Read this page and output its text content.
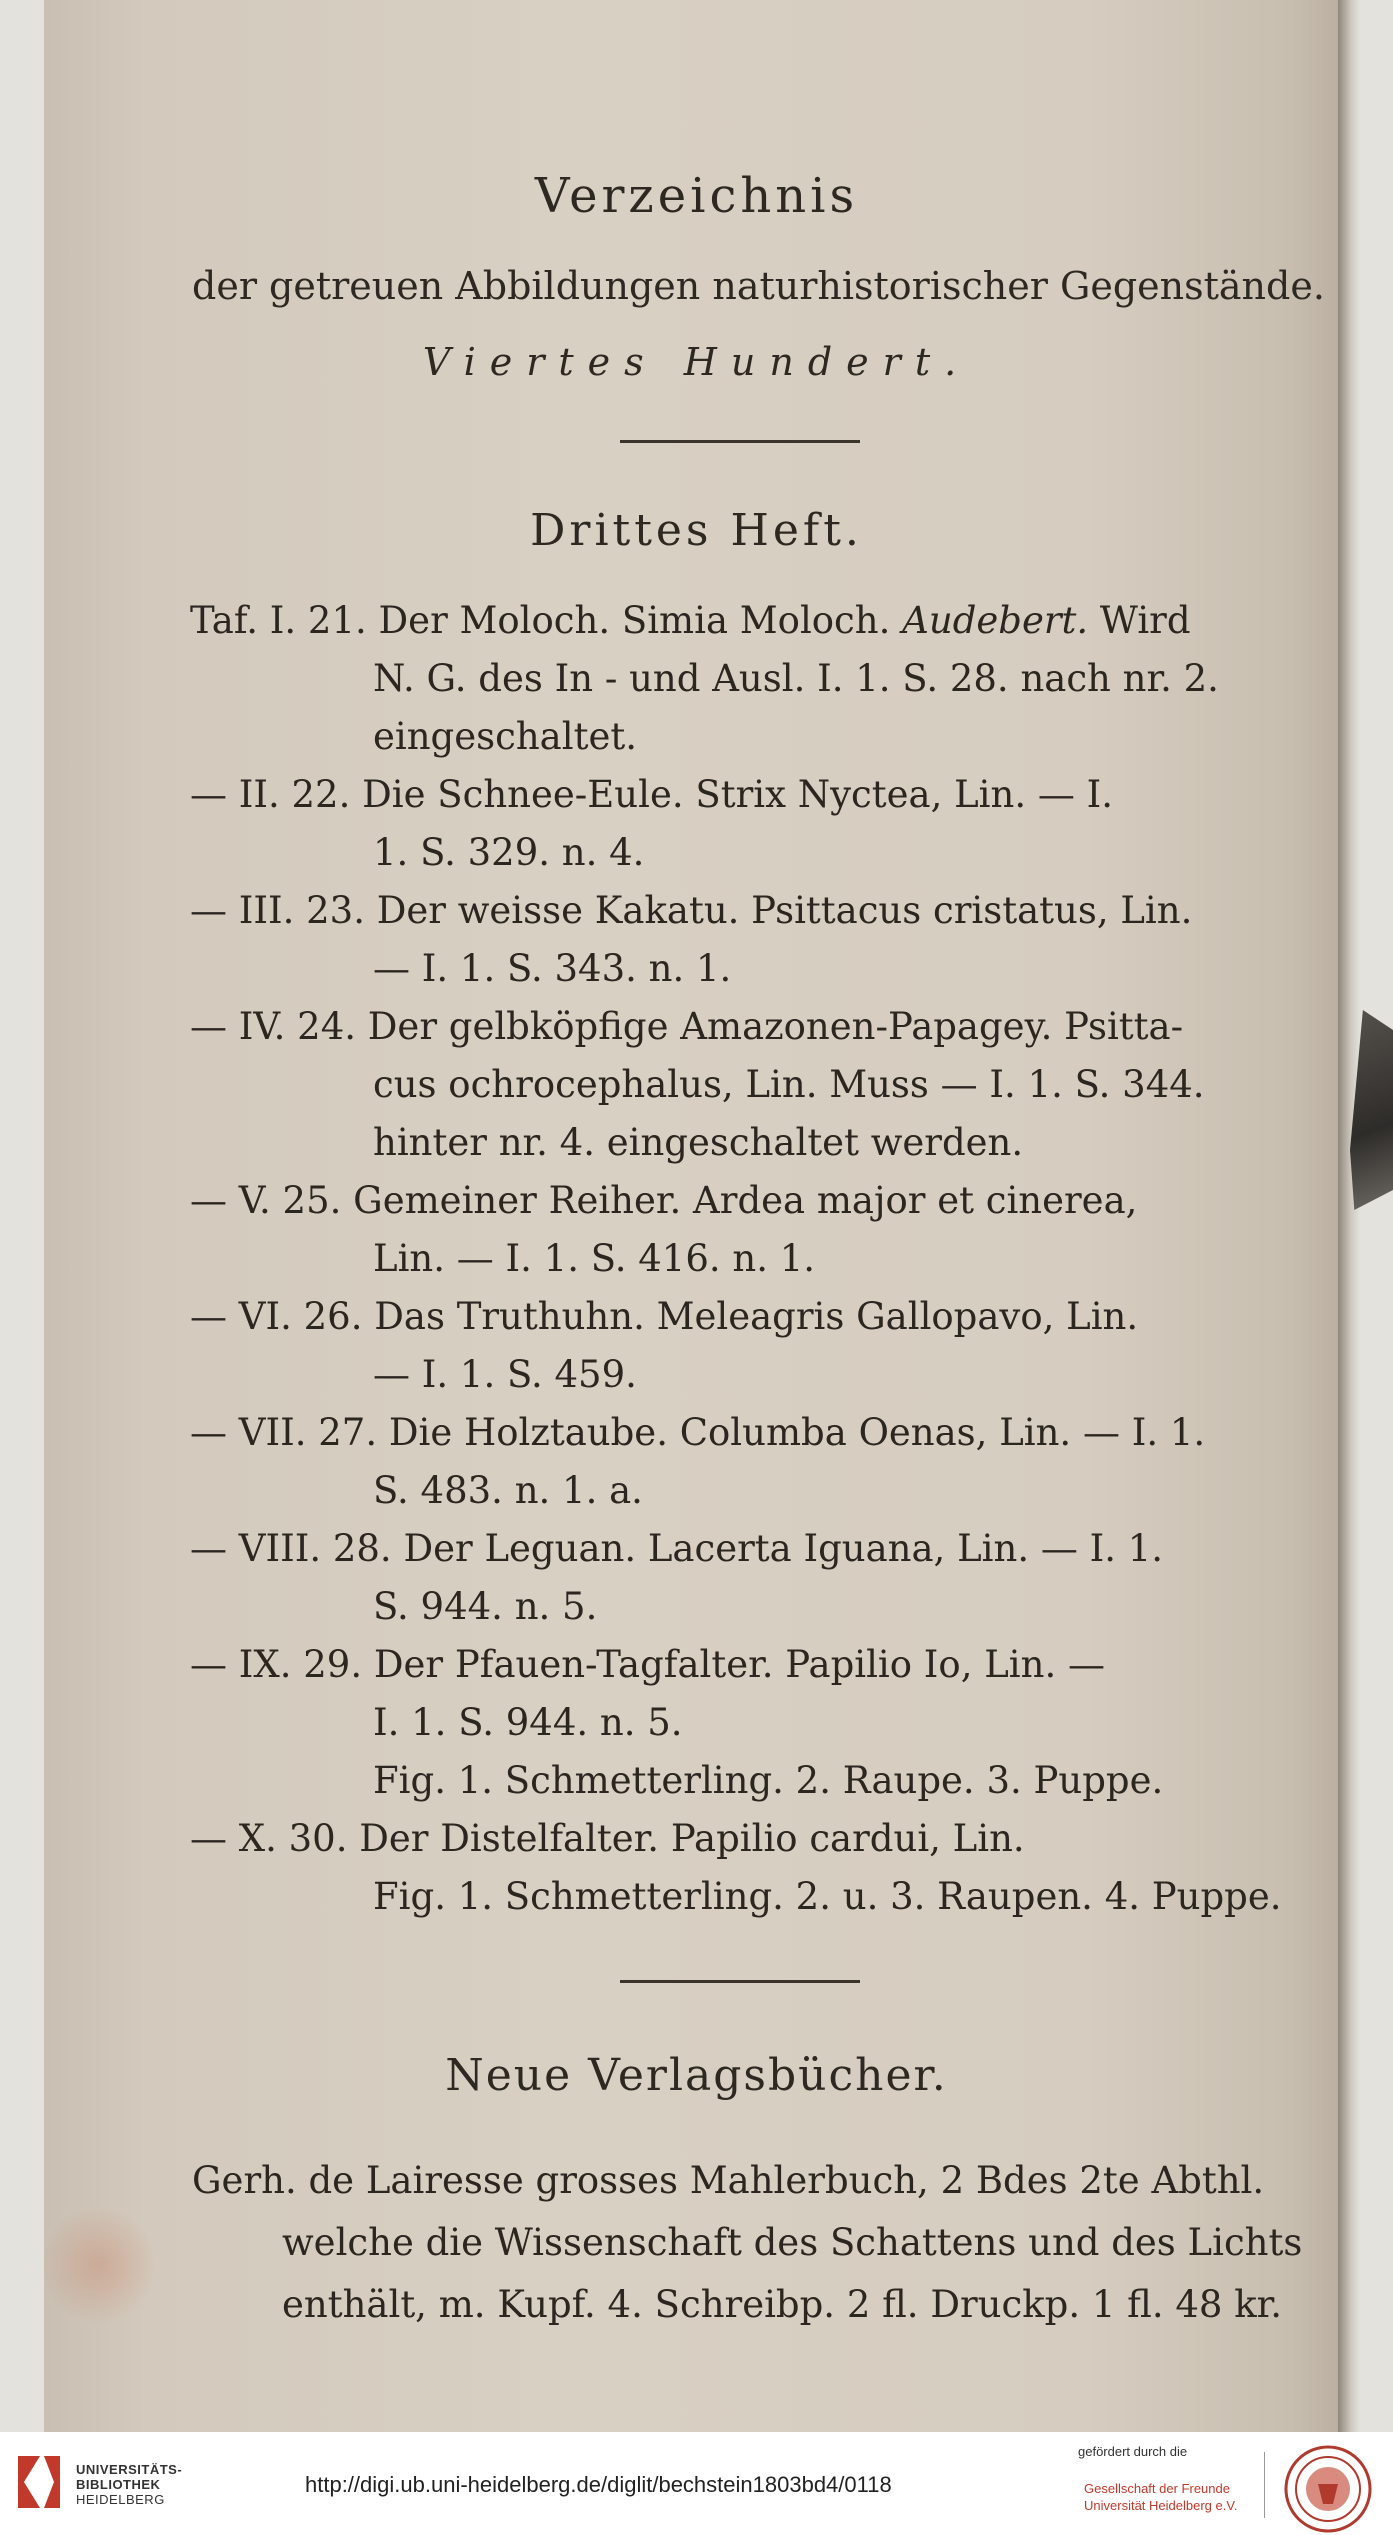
Verzeichnis
der getreuen Abbildungen naturhistorischer Gegenstände.
Viertes Hundert.
Drittes Heft.
Taf. I. 21. Der Moloch. Simia Moloch. Audebert. Wird
N. G. des In - und Ausl. I. 1. S. 28. nach nr. 2.
eingeschaltet.
— II. 22. Die Schnee-Eule. Strix Nyctea, Lin. — I.
1. S. 329. n. 4.
— III. 23. Der weisse Kakatu. Psittacus cristatus, Lin.
— I. 1. S. 343. n. 1.
— IV. 24. Der gelbköpfige Amazonen-Papagey. Psitta-
cus ochrocephalus, Lin. Muss — I. 1. S. 344.
hinter nr. 4. eingeschaltet werden.
— V. 25. Gemeiner Reiher. Ardea major et cinerea,
Lin. — I. 1. S. 416. n. 1.
— VI. 26. Das Truthuhn. Meleagris Gallopavo, Lin.
— I. 1. S. 459.
— VII. 27. Die Holztaube. Columba Oenas, Lin. — I. 1.
S. 483. n. 1. a.
— VIII. 28. Der Leguan. Lacerta Iguana, Lin. — I. 1.
S. 944. n. 5.
— IX. 29. Der Pfauen-Tagfalter. Papilio Io, Lin. —
I. 1. S. 944. n. 5.
Fig. 1. Schmetterling. 2. Raupe. 3. Puppe.
— X. 30. Der Distelfalter. Papilio cardui, Lin.
Fig. 1. Schmetterling. 2. u. 3. Raupen. 4. Puppe.
Neue Verlagsbücher.
Gerh. de Lairesse grosses Mahlerbuch, 2 Bdes 2te Abthl.
welche die Wissenschaft des Schattens und des Lichts
enthält, m. Kupf. 4. Schreibp. 2 fl. Druckp. 1 fl. 48 kr.
UNIVERSITÄTS-
BIBLIOTHEK
HEIDELBERG
http://digi.ub.uni-heidelberg.de/diglit/bechstein1803bd4/0118
gefördert durch die
Gesellschaft der Freunde
Universität Heidelberg e.V.
